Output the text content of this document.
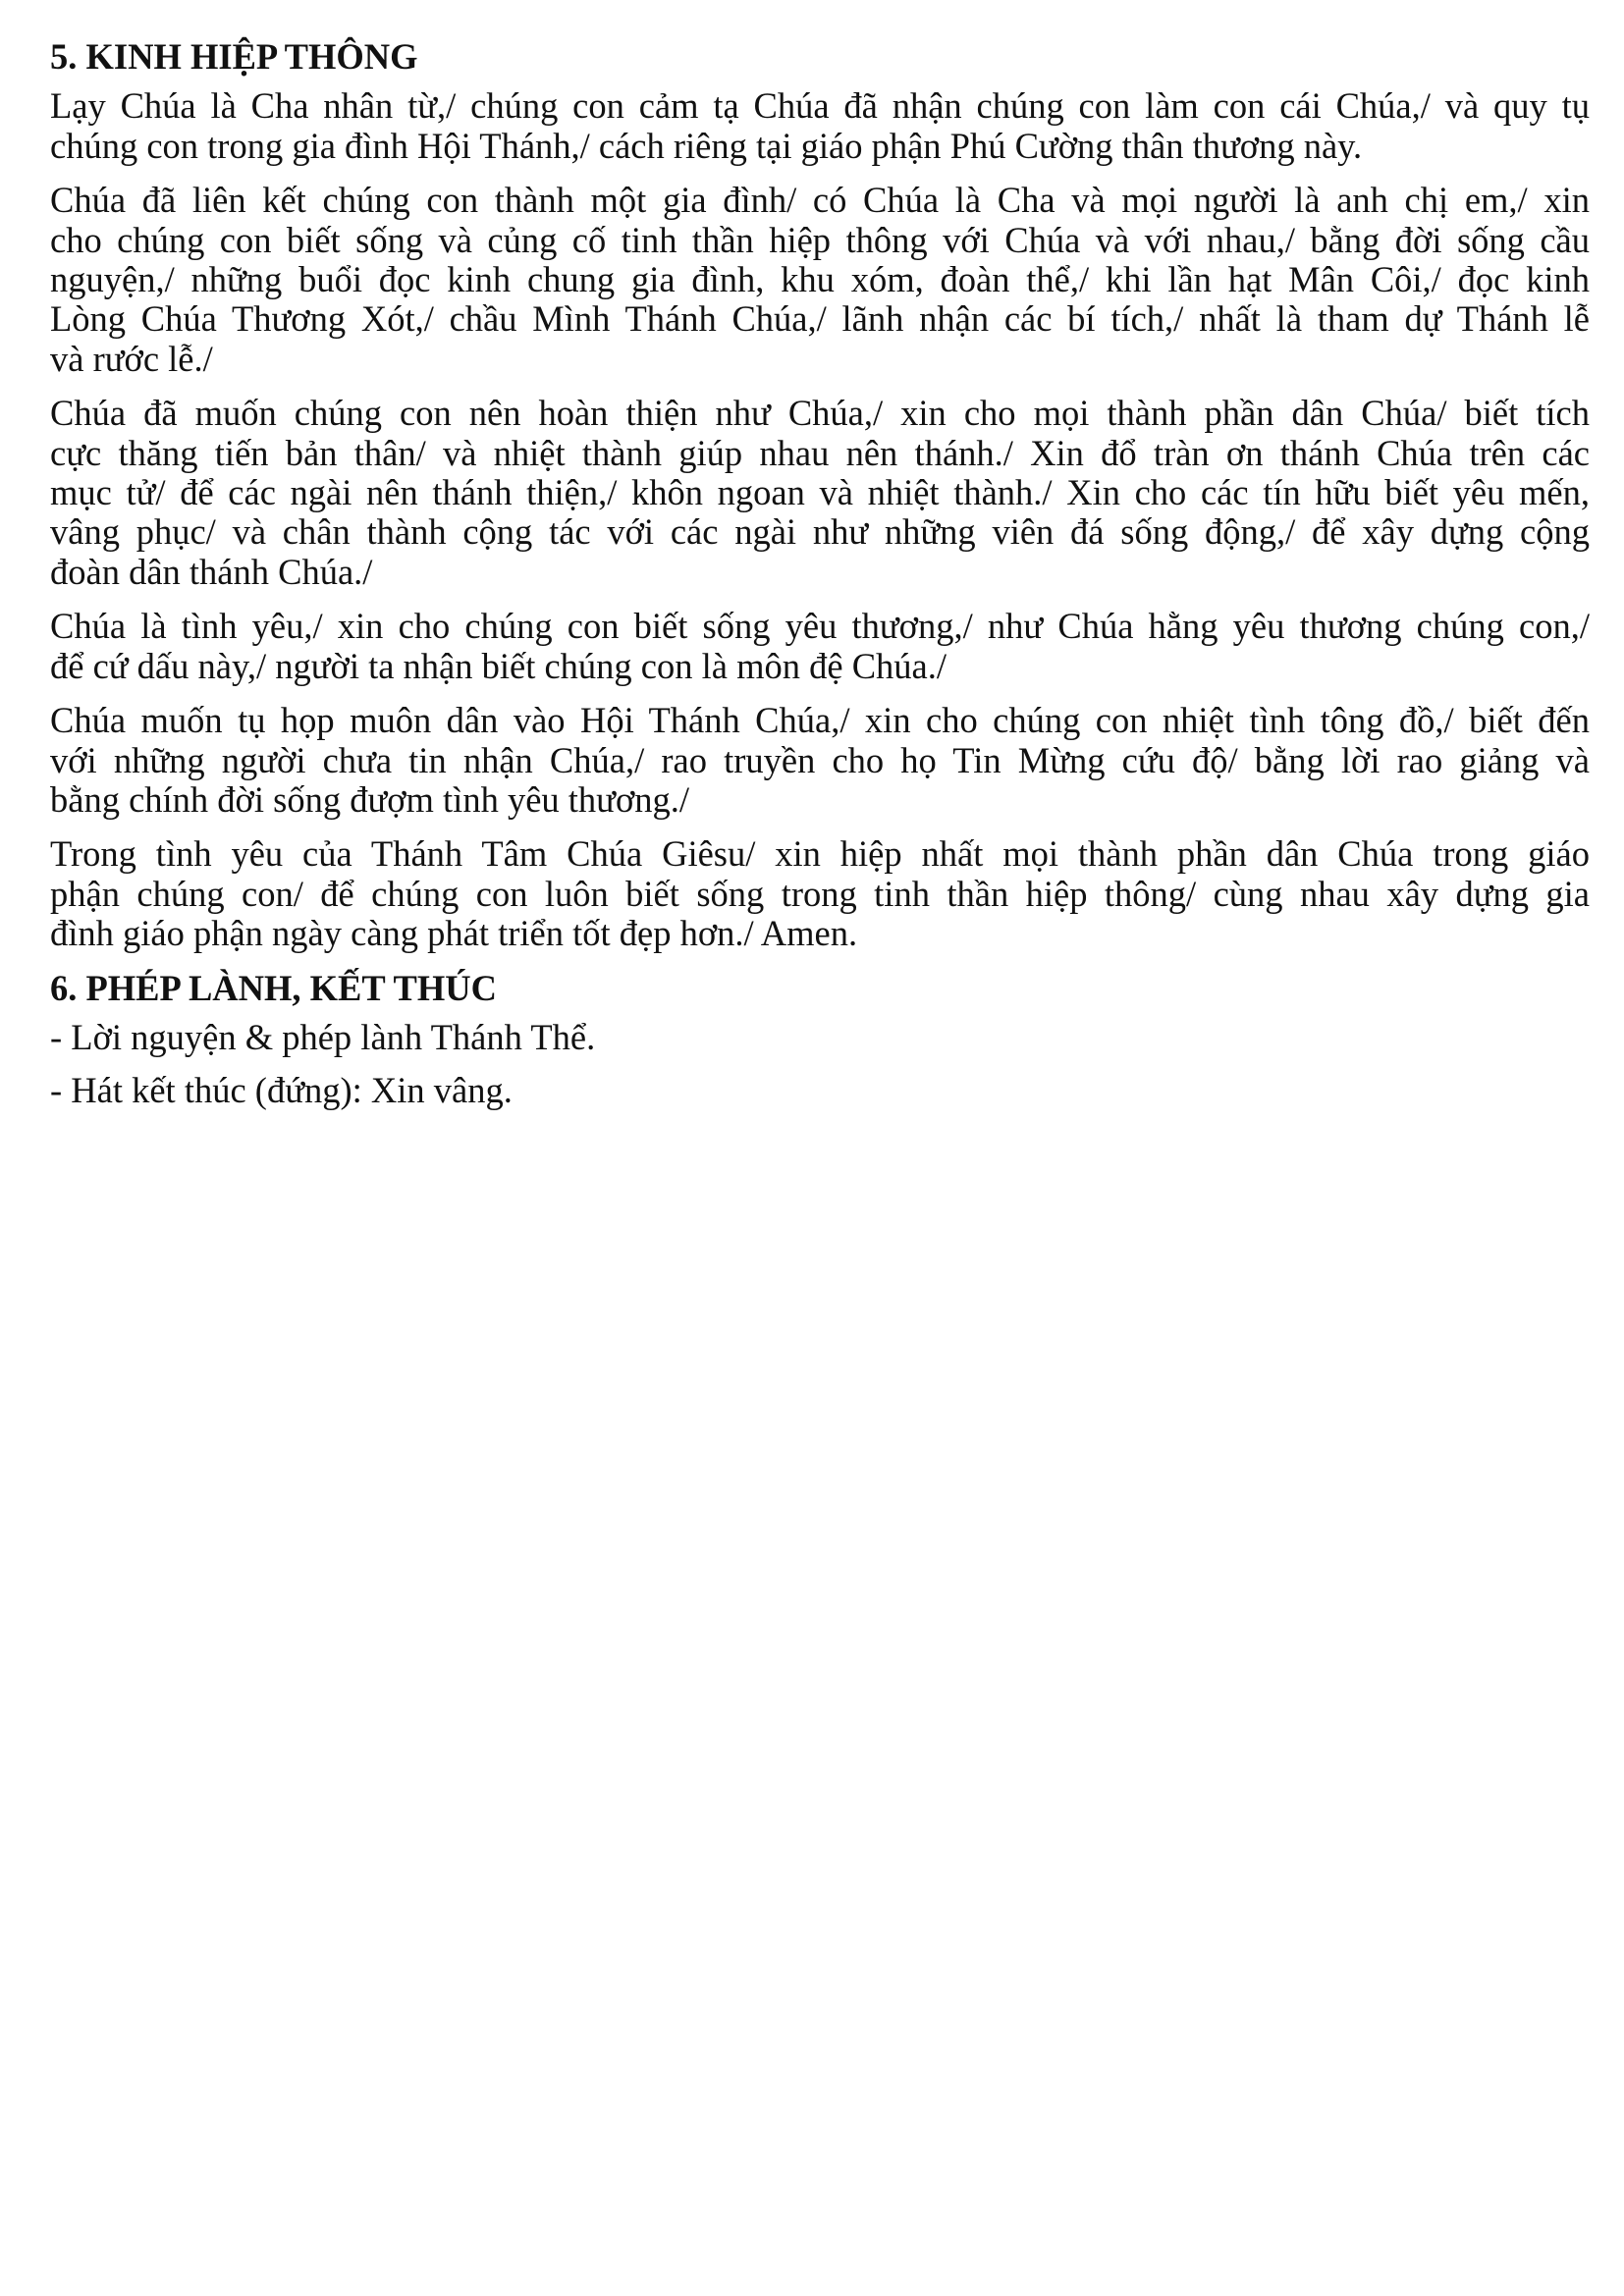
5. KINH HIỆP THÔNG
Lạy Chúa là Cha nhân từ,/ chúng con cảm tạ Chúa đã nhận chúng con làm con cái Chúa,/ và quy tụ
chúng con trong gia đình Hội Thánh,/ cách riêng tại giáo phận Phú Cường thân thương này.
Chúa đã liên kết chúng con thành một gia đình/ có Chúa là Cha và mọi người là anh chị em,/ xin
cho chúng con biết sống và củng cố tinh thần hiệp thông với Chúa và với nhau,/ bằng đời sống cầu
nguyện,/ những buổi đọc kinh chung gia đình, khu xóm, đoàn thể,/ khi lần hạt Mân Côi,/ đọc kinh
Lòng Chúa Thương Xót,/ chầu Mình Thánh Chúa,/ lãnh nhận các bí tích,/ nhất là tham dự Thánh lễ
và rước lễ./
Chúa đã muốn chúng con nên hoàn thiện như Chúa,/ xin cho mọi thành phần dân Chúa/ biết tích
cực thăng tiến bản thân/ và nhiệt thành giúp nhau nên thánh./ Xin đổ tràn ơn thánh Chúa trên các
mục tử/ để các ngài nên thánh thiện,/ khôn ngoan và nhiệt thành./ Xin cho các tín hữu biết yêu mến,
vâng phục/ và chân thành cộng tác với các ngài như những viên đá sống động,/ để xây dựng cộng
đoàn dân thánh Chúa./
Chúa là tình yêu,/ xin cho chúng con biết sống yêu thương,/ như Chúa hằng yêu thương chúng con,/
để cứ dấu này,/ người ta nhận biết chúng con là môn đệ Chúa./
Chúa muốn tụ họp muôn dân vào Hội Thánh Chúa,/ xin cho chúng con nhiệt tình tông đồ,/ biết đến
với những người chưa tin nhận Chúa,/ rao truyền cho họ Tin Mừng cứu độ/ bằng lời rao giảng và
bằng chính đời sống đượm tình yêu thương./
Trong tình yêu của Thánh Tâm Chúa Giêsu/ xin hiệp nhất mọi thành phần dân Chúa trong giáo
phận chúng con/ để chúng con luôn biết sống trong tinh thần hiệp thông/ cùng nhau xây dựng gia
đình giáo phận ngày càng phát triển tốt đẹp hơn./ Amen.
6. PHÉP LÀNH, KẾT THÚC
- Lời nguyện & phép lành Thánh Thể.
- Hát kết thúc (đứng): Xin vâng.
